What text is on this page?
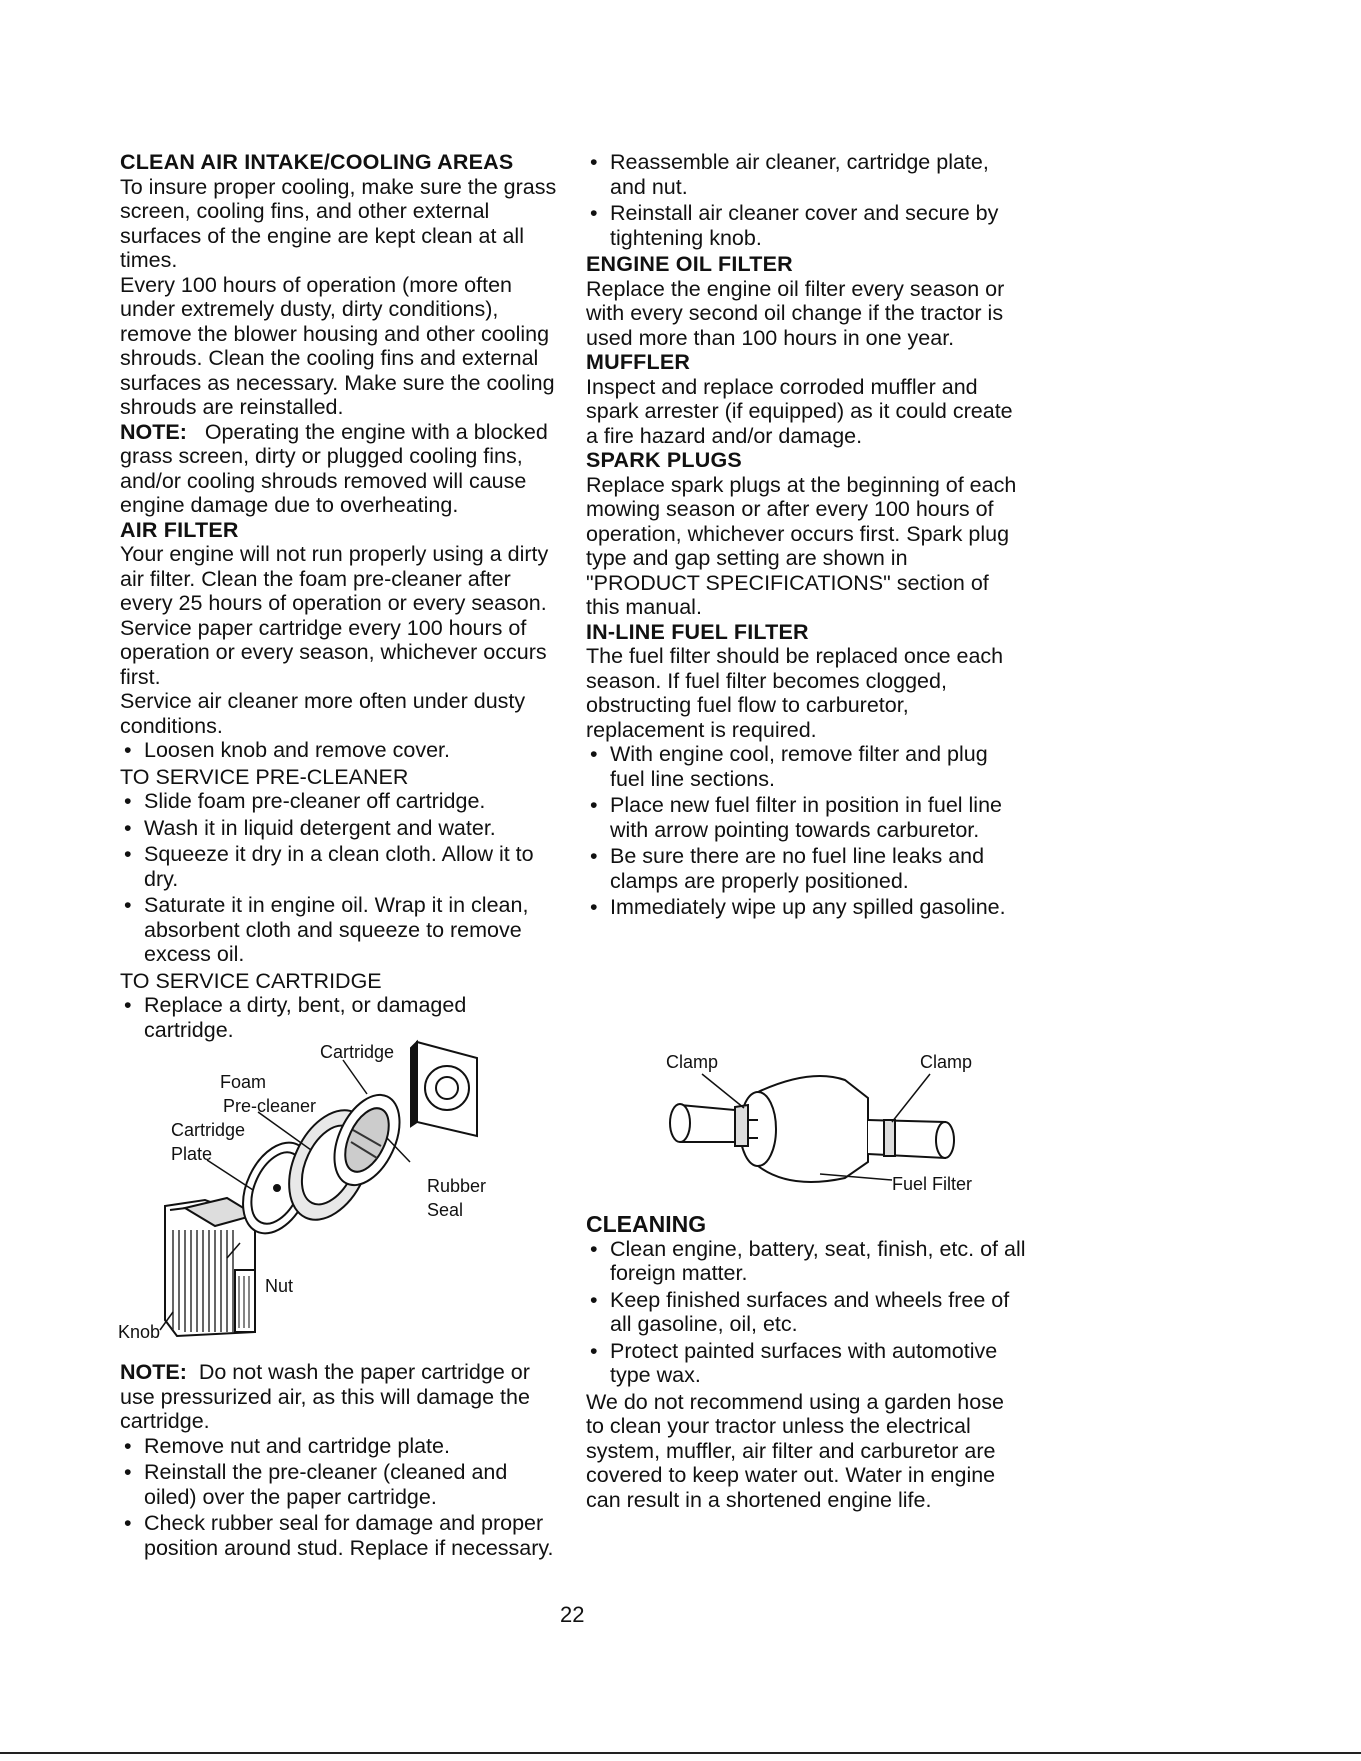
CLEAN AIR INTAKE/COOLING AREAS

To insure proper cooling, make sure the grass screen, cooling fins, and other external surfaces of the engine are kept clean at all times.

Every 100 hours of operation (more often under extremely dusty, dirty conditions), remove the blower housing and other cooling shrouds. Clean the cooling fins and external surfaces as necessary. Make sure the cooling shrouds are reinstalled.

NOTE: Operating the engine with a blocked grass screen, dirty or plugged cooling fins, and/or cooling shrouds removed will cause engine damage due to overheating.

AIR FILTER

Your engine will not run properly using a dirty air filter. Clean the foam pre-cleaner after every 25 hours of operation or every season. Service paper cartridge every 100 hours of operation or every season, whichever occurs first.

Service air cleaner more often under dusty conditions.

• Loosen knob and remove cover.

TO SERVICE PRE-CLEANER

• Slide foam pre-cleaner off cartridge.
• Wash it in liquid detergent and water.
• Squeeze it dry in a clean cloth. Allow it to dry.
• Saturate it in engine oil. Wrap it in clean, absorbent cloth and squeeze to remove excess oil.

TO SERVICE CARTRIDGE

• Replace a dirty, bent, or damaged cartridge.
Cartridge
Foam
Pre-cleaner
Cartridge
Plate
Rubber
Seal
Nut
Knob

NOTE: Do not wash the paper cartridge or use pressurized air, as this will damage the cartridge.

• Remove nut and cartridge plate.
• Reinstall the pre-cleaner (cleaned and oiled) over the paper cartridge.
• Check rubber seal for damage and proper position around stud. Replace if necessary.
• Reassemble air cleaner, cartridge plate, and nut.
• Reinstall air cleaner cover and secure by tightening knob.

ENGINE OIL FILTER

Replace the engine oil filter every season or with every second oil change if the tractor is used more than 100 hours in one year.

MUFFLER

Inspect and replace corroded muffler and spark arrester (if equipped) as it could create a fire hazard and/or damage.

SPARK PLUGS

Replace spark plugs at the beginning of each mowing season or after every 100 hours of operation, whichever occurs first. Spark plug type and gap setting are shown in "PRODUCT SPECIFICATIONS" section of this manual.

IN-LINE FUEL FILTER

The fuel filter should be replaced once each season. If fuel filter becomes clogged, obstructing fuel flow to carburetor, replacement is required.

• With engine cool, remove filter and plug fuel line sections.
• Place new fuel filter in position in fuel line with arrow pointing towards carburetor.
• Be sure there are no fuel line leaks and clamps are properly positioned.
• Immediately wipe up any spilled gasoline.
Clamp	Clamp
Fuel Filter

CLEANING

• Clean engine, battery, seat, finish, etc. of all foreign matter.
• Keep finished surfaces and wheels free of all gasoline, oil, etc.
• Protect painted surfaces with automotive type wax.

We do not recommend using a garden hose to clean your tractor unless the electrical system, muffler, air filter and carburetor are covered to keep water out. Water in engine can result in a shortened engine life.

22
